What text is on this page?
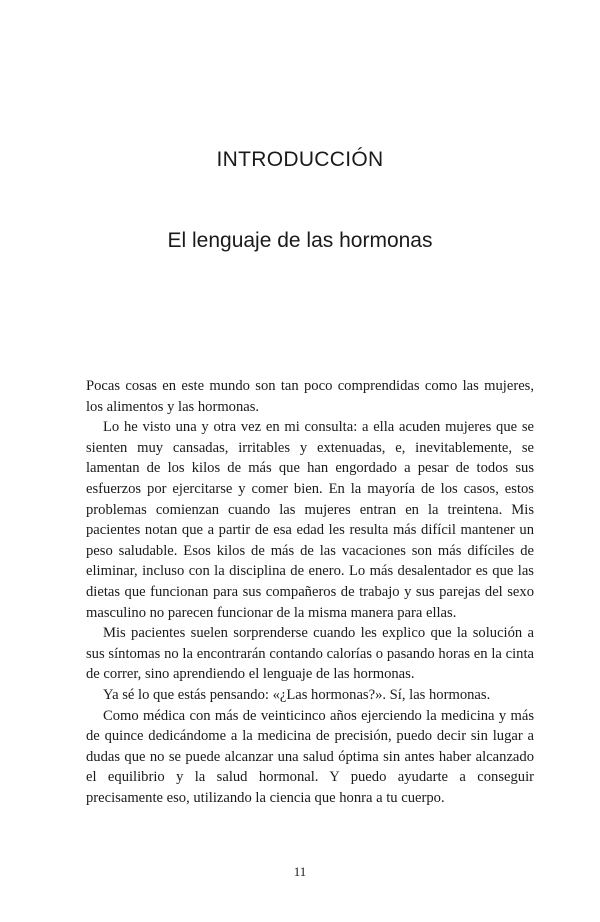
INTRODUCCIÓN
El lenguaje de las hormonas

Pocas cosas en este mundo son tan poco comprendidas como las mujeres, los alimentos y las hormonas.

Lo he visto una y otra vez en mi consulta: a ella acuden mujeres que se sienten muy cansadas, irritables y extenuadas, e, inevitablemente, se lamentan de los kilos de más que han engordado a pesar de todos sus esfuerzos por ejercitarse y comer bien. En la mayoría de los casos, estos problemas comienzan cuando las mujeres entran en la treintena. Mis pacientes notan que a partir de esa edad les resulta más difícil mantener un peso saludable. Esos kilos de más de las vacaciones son más difíciles de eliminar, incluso con la disciplina de enero. Lo más desalentador es que las dietas que funcionan para sus compañeros de trabajo y sus parejas del sexo masculino no parecen funcionar de la misma manera para ellas.

Mis pacientes suelen sorprenderse cuando les explico que la solución a sus síntomas no la encontrarán contando calorías o pasando horas en la cinta de correr, sino aprendiendo el lenguaje de las hormonas.

Ya sé lo que estás pensando: «¿Las hormonas?». Sí, las hormonas.

Como médica con más de veinticinco años ejerciendo la medicina y más de quince dedicándome a la medicina de precisión, puedo decir sin lugar a dudas que no se puede alcanzar una salud óptima sin antes haber alcanzado el equilibrio y la salud hormonal. Y puedo ayudarte a conseguir precisamente eso, utilizando la ciencia que honra a tu cuerpo.

11
